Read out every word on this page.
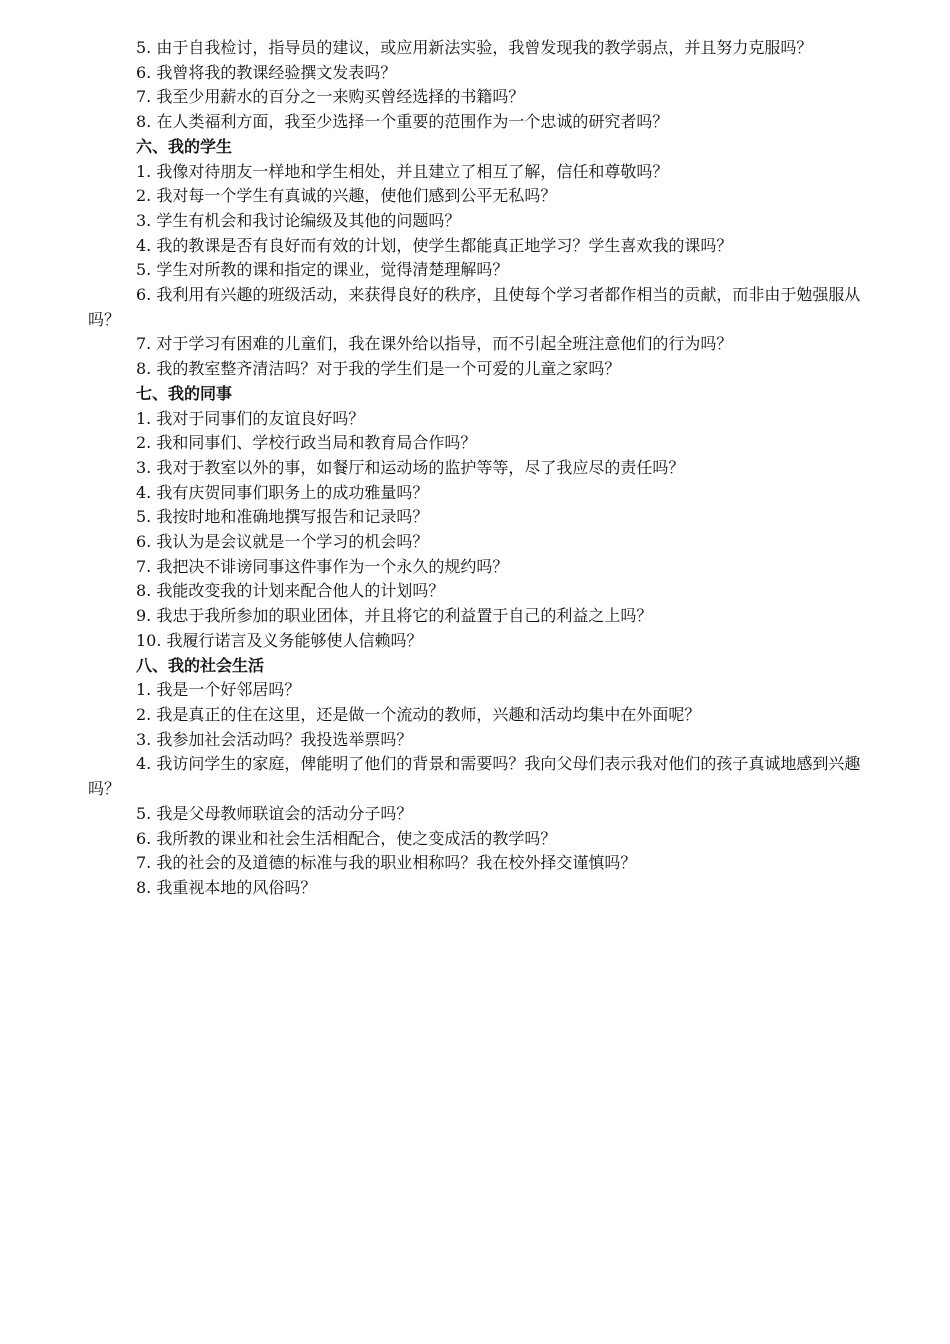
5. 由于自我检讨，指导员的建议，或应用新法实验，我曾发现我的教学弱点，并且努力克服吗？

6. 我曾将我的教课经验撰文发表吗？

7. 我至少用薪水的百分之一来购买曾经选择的书籍吗？

8. 在人类福利方面，我至少选择一个重要的范围作为一个忠诚的研究者吗？

六、我的学生

1. 我像对待朋友一样地和学生相处，并且建立了相互了解，信任和尊敬吗？

2. 我对每一个学生有真诚的兴趣，使他们感到公平无私吗？

3. 学生有机会和我讨论编级及其他的问题吗？

4. 我的教课是否有良好而有效的计划，使学生都能真正地学习？学生喜欢我的课吗？

5. 学生对所教的课和指定的课业，觉得清楚理解吗？

6. 我利用有兴趣的班级活动，来获得良好的秩序，且使每个学习者都作相当的贡献，而非由于勉强服从吗？

7. 对于学习有困难的儿童们，我在课外给以指导，而不引起全班注意他们的行为吗？

8. 我的教室整齐清洁吗？对于我的学生们是一个可爱的儿童之家吗？

七、我的同事

1. 我对于同事们的友谊良好吗？

2. 我和同事们、学校行政当局和教育局合作吗？

3. 我对于教室以外的事，如餐厅和运动场的监护等等，尽了我应尽的责任吗？

4. 我有庆贺同事们职务上的成功雅量吗？

5. 我按时地和准确地撰写报告和记录吗？

6. 我认为是会议就是一个学习的机会吗？

7. 我把决不诽谤同事这件事作为一个永久的规约吗？

8. 我能改变我的计划来配合他人的计划吗？

9. 我忠于我所参加的职业团体，并且将它的利益置于自己的利益之上吗？

10. 我履行诺言及义务能够使人信赖吗？

八、我的社会生活

1. 我是一个好邻居吗？

2. 我是真正的住在这里，还是做一个流动的教师，兴趣和活动均集中在外面呢？

3. 我参加社会活动吗？我投选举票吗？

4. 我访问学生的家庭，俾能明了他们的背景和需要吗？我向父母们表示我对他们的孩子真诚地感到兴趣吗？

5. 我是父母教师联谊会的活动分子吗？

6. 我所教的课业和社会生活相配合，使之变成活的教学吗？

7. 我的社会的及道德的标准与我的职业相称吗？我在校外择交谨慎吗？

8. 我重视本地的风俗吗？
